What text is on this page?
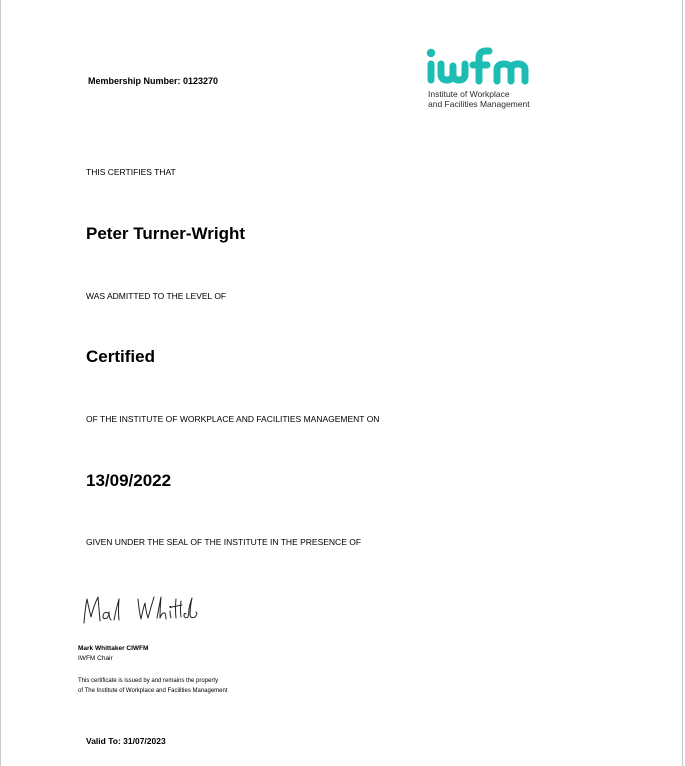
Membership Number: 0123270
Institute of Workplace
and Facilities Management
THIS CERTIFIES THAT
Peter Turner-Wright
WAS ADMITTED TO THE LEVEL OF
Certified
OF THE INSTITUTE OF WORKPLACE AND FACILITIES MANAGEMENT ON
13/09/2022
GIVEN UNDER THE SEAL OF THE INSTITUTE IN THE PRESENCE OF
Mark Whittaker CIWFM
IWFM Chair
This certificate is issued by and remains the property
of The Institute of Workplace and Facilities Management
Valid To: 31/07/2023
